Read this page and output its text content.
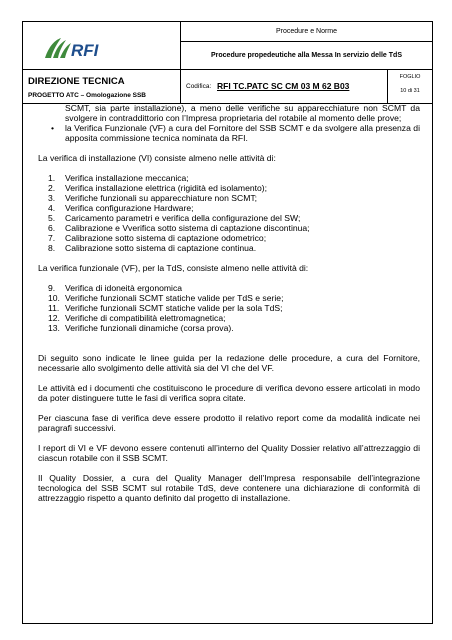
RFI
Procedure e Norme
Procedure propedeutiche alla Messa In servizio delle TdS
DIREZIONE TECNICA
PROGETTO ATC – Omologazione SSB
Codifica: RFI TC.PATC SC CM 03 M 62 B03
FOGLIO
10 di 31
SCMT, sia parte installazione), a meno delle verifiche su apparecchiature non SCMT da svolgere in contraddittorio con l’Impresa proprietaria del rotabile al momento delle prove;
• la Verifica Funzionale (VF) a cura del Fornitore del SSB SCMT e da svolgere alla presenza di apposita commissione tecnica nominata da RFI.
La verifica di installazione (VI) consiste almeno nelle attività di:
1.	Verifica installazione meccanica;
2.	Verifica installazione elettrica (rigidità ed isolamento);
3.	Verifiche funzionali su apparecchiature non SCMT;
4.	Verifica configurazione Hardware;
5.	Caricamento parametri e verifica della configurazione del SW;
6.	Calibrazione e Vverifica sotto sistema di captazione discontinua;
7.	Calibrazione sotto sistema di captazione odometrico;
8.	Calibrazione sotto sistema di captazione continua.
La verifica funzionale (VF), per la TdS, consiste almeno nelle attività di:
9.	Verifica di idoneità ergonomica
10. Verifiche funzionali SCMT statiche valide per TdS e serie;
11. Verifiche funzionali SCMT statiche valide per la sola TdS;
12. Verifiche di compatibilità elettromagnetica;
13. Verifiche funzionali dinamiche (corsa prova).
Di seguito sono indicate le linee guida per la redazione delle procedure, a cura del Fornitore, necessarie allo svolgimento delle attività sia del VI che del VF.
Le attività ed i documenti che costituiscono le procedure di verifica devono essere articolati in modo da poter distinguere tutte le fasi di verifica sopra citate.
Per ciascuna fase di verifica deve essere prodotto il relativo report come da modalità indicate nei paragrafi successivi.
I report di VI e VF devono essere contenuti all’interno del Quality Dossier relativo all’attrezzaggio di ciascun rotabile con il SSB SCMT.
Il Quality Dossier, a cura del Quality Manager dell’Impresa responsabile dell’integrazione tecnologica del SSB SCMT sul rotabile TdS, deve contenere una dichiarazione di conformità di attrezzaggio rispetto a quanto definito dal progetto di installazione.
